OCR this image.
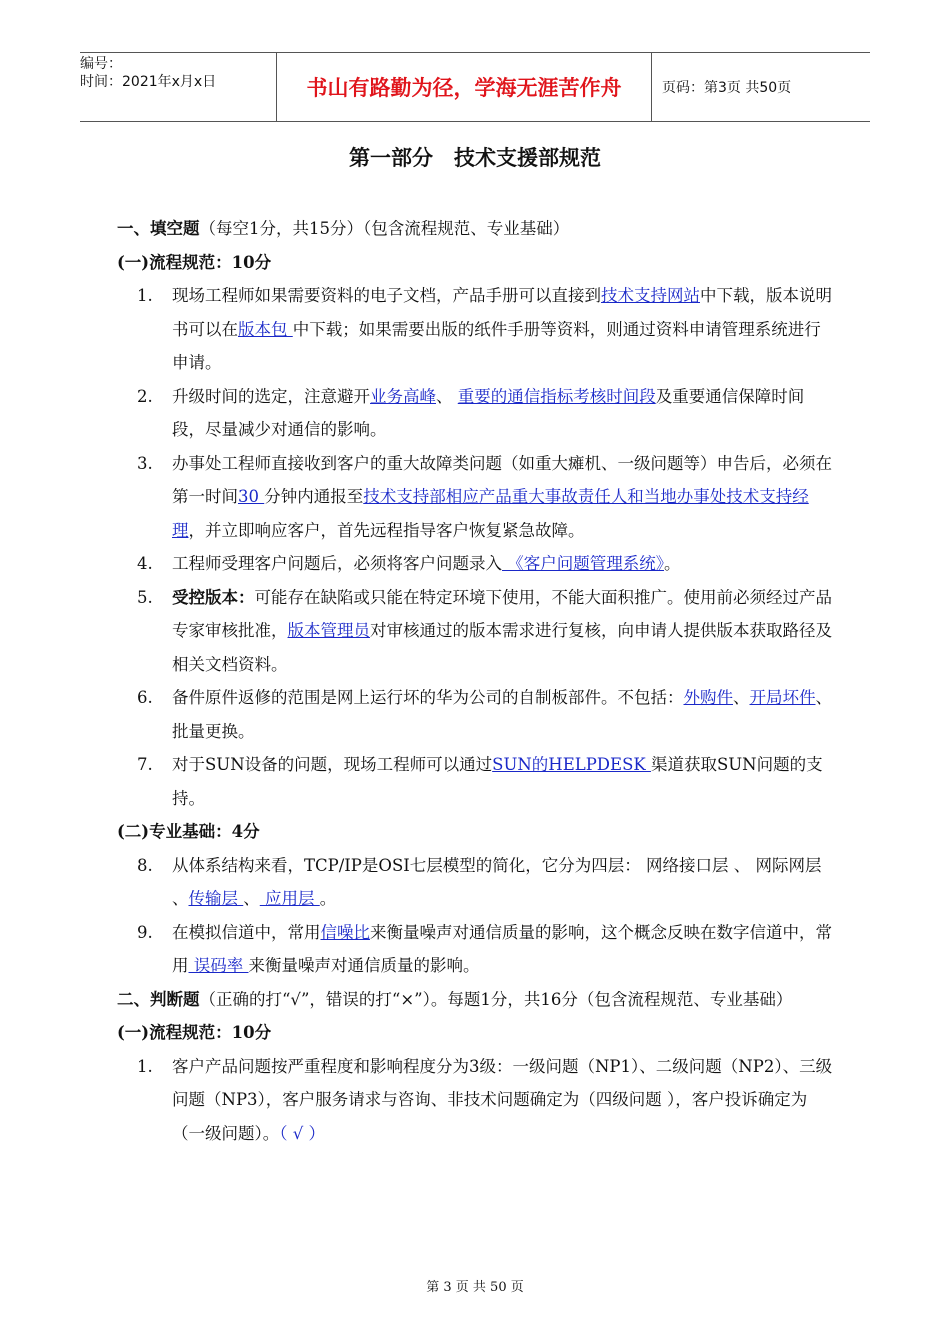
编号：
时间：2021年x月x日	书山有路勤为径，学海无涯苦作舟	页码：第3页 共50页
第一部分　技术支援部规范
一、填空题（每空1分，共15分）（包含流程规范、专业基础）
(一)流程规范：10分
1.	现场工程师如果需要资料的电子文档，产品手册可以直接到技术支持网站中下载，版本说明书可以在版本包 中下载；如果需要出版的纸件手册等资料，则通过资料申请管理系统进行申请。
2.	升级时间的选定，注意避开业务高峰、 重要的通信指标考核时间段及重要通信保障时间段，尽量减少对通信的影响。
3.	办事处工程师直接收到客户的重大故障类问题（如重大瘫机、一级问题等）申告后，必须在第一时间30 分钟内通报至技术支持部相应产品重大事故责任人和当地办事处技术支持经理，并立即响应客户，首先远程指导客户恢复紧急故障。
4.	工程师受理客户问题后，必须将客户问题录入 《客户问题管理系统》。
5.	受控版本：可能存在缺陷或只能在特定环境下使用，不能大面积推广。使用前必须经过产品专家审核批准，版本管理员对审核通过的版本需求进行复核，向申请人提供版本获取路径及相关文档资料。
6.	备件原件返修的范围是网上运行坏的华为公司的自制板部件。不包括：外购件、开局坏件、批量更换。
7.	对于SUN设备的问题，现场工程师可以通过SUN的HELPDESK 渠道获取SUN问题的支持。
(二)专业基础：4分
8.	从体系结构来看，TCP/IP是OSI七层模型的简化，它分为四层： 网络接口层 、 网际网层 、传输层 、 应用层 。
9.	在模拟信道中，常用信噪比来衡量噪声对通信质量的影响，这个概念反映在数字信道中，常用 误码率 来衡量噪声对通信质量的影响。
二、判断题（正确的打“√”，错误的打“×”）。每题1分，共16分（包含流程规范、专业基础）
(一)流程规范：10分
1.	客户产品问题按严重程度和影响程度分为3级：一级问题（NP1）、二级问题（NP2）、三级问题（NP3），客户服务请求与咨询、非技术问题确定为（四级问题 ），客户投诉确定为（一级问题）。（ √ ）
第 3 页 共 50 页
